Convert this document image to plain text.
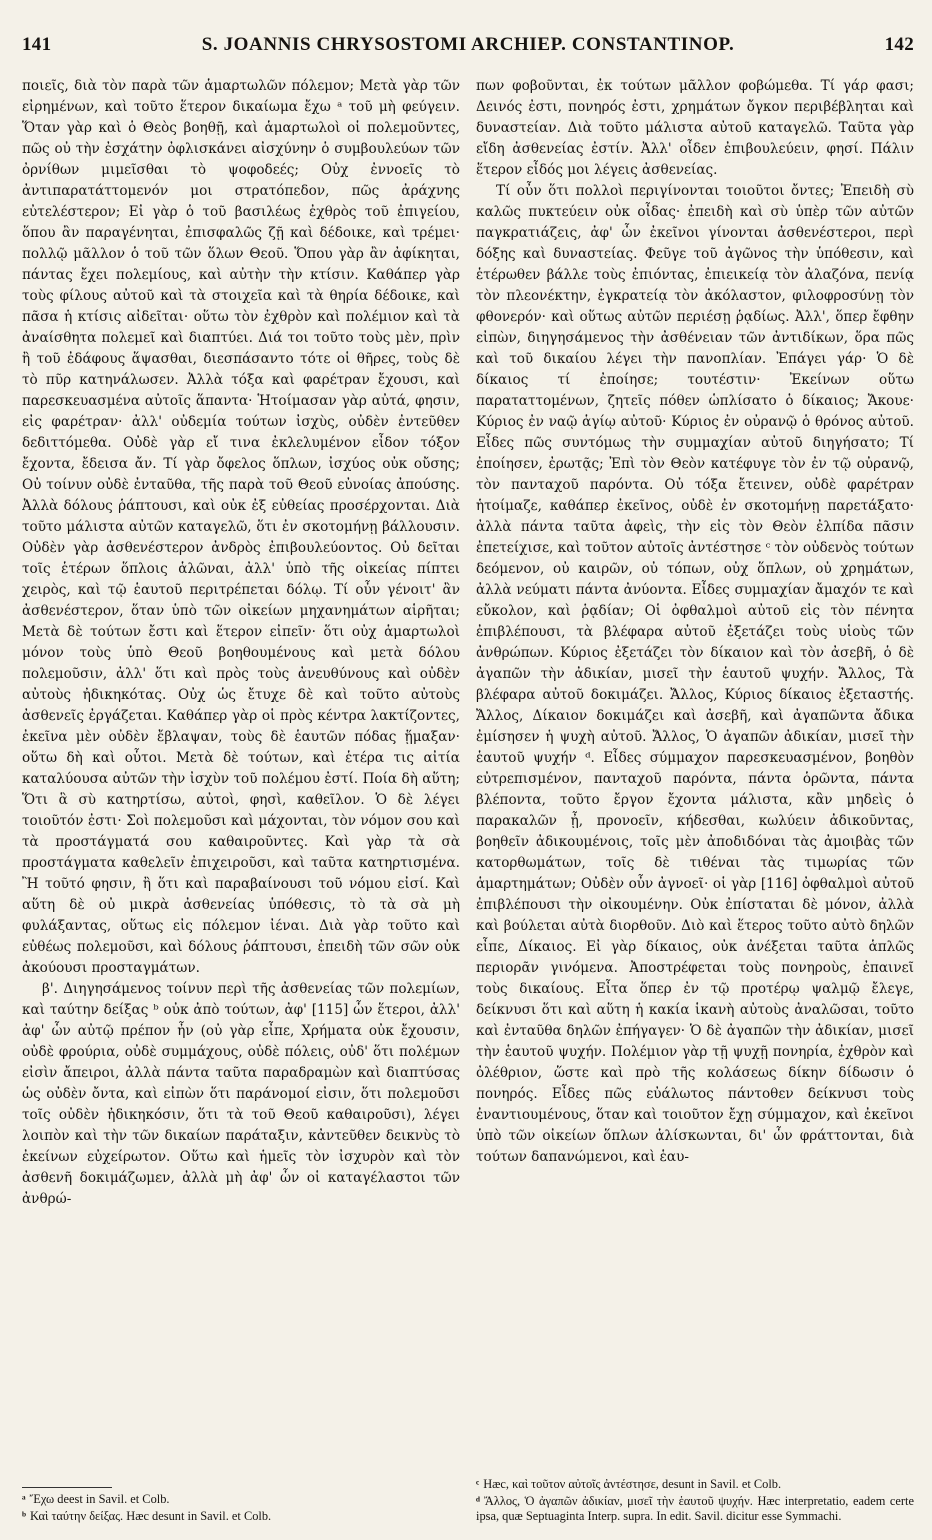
141	S. JOANNIS CHRYSOSTOMI ARCHIEP. CONSTANTINOP.	142

ποιεῖς, διὰ τὸν παρὰ τῶν ἁμαρτωλῶν πόλεμον; Μετὰ γὰρ τῶν εἰρημένων, καὶ τοῦτο ἕτερον δικαίωμα ἔχω ᵃ τοῦ μὴ φεύγειν. Ὅταν γὰρ καὶ ὁ Θεὸς βοηθῇ, καὶ ἁμαρτωλοὶ οἱ πολεμοῦντες, πῶς οὐ τὴν ἐσχάτην ὀφλισκάνει αἰσχύνην ὁ συμβουλεύων τῶν ὀρνίθων μιμεῖσθαι τὸ ψοφοδεές; Οὐχ ἐννοεῖς τὸ ἀντιπαρατάττομενόν μοι στρατόπεδον, πῶς ἀράχνης εὐτελέστερον; Εἰ γὰρ ὁ τοῦ βασιλέως ἐχθρὸς τοῦ ἐπιγείου, ὅπου ἂν παραγένηται, ἐπισφαλῶς ζῇ καὶ δέδοικε, καὶ τρέμει· πολλῷ μᾶλλον ὁ τοῦ τῶν ὅλων Θεοῦ. Ὅπου γὰρ ἂν ἀφίκηται, πάντας ἔχει πολεμίους, καὶ αὐτὴν τὴν κτίσιν. Καθάπερ γὰρ τοὺς φίλους αὐτοῦ καὶ τὰ στοιχεῖα καὶ τὰ θηρία δέδοικε, καὶ πᾶσα ἡ κτίσις αἰδεῖται· οὕτω τὸν ἐχθρὸν καὶ πολέμιον καὶ τὰ ἀναίσθητα πολεμεῖ καὶ διαπτύει. Διά τοι τοῦτο τοὺς μὲν, πρὶν ἢ τοῦ ἐδάφους ἅψασθαι, διεσπάσαντο τότε οἱ θῆρες, τοὺς δὲ τὸ πῦρ κατηνάλωσεν. Ἀλλὰ τόξα καὶ φαρέτραν ἔχουσι, καὶ παρεσκευασμένα αὐτοῖς ἅπαντα· Ἡτοίμασαν γὰρ αὐτά, φησιν, εἰς φαρέτραν· ἀλλ' οὐδεμία τούτων ἰσχὺς, οὐδὲν ἐντεῦθεν δεδιττόμεθα. Οὐδὲ γὰρ εἴ τινα ἐκλελυμένον εἶδον τόξον ἔχοντα, ἔδεισα ἄν. Τί γὰρ ὄφελος ὅπλων, ἰσχύος οὐκ οὔσης; Οὐ τοίνυν οὐδὲ ἐνταῦθα, τῆς παρὰ τοῦ Θεοῦ εὐνοίας ἀπούσης. Ἀλλὰ δόλους ῥάπτουσι, καὶ οὐκ ἐξ εὐθείας προσέρχονται. Διὰ τοῦτο μάλιστα αὐτῶν καταγελῶ, ὅτι ἐν σκοτομήνῃ βάλλουσιν. Οὐδὲν γὰρ ἀσθενέστερον ἀνδρὸς ἐπιβουλεύοντος. Οὐ δεῖται τοῖς ἑτέρων ὅπλοις ἁλῶναι, ἀλλ' ὑπὸ τῆς οἰκείας πίπτει χειρὸς, καὶ τῷ ἑαυτοῦ περιτρέπεται δόλῳ. Τί οὖν γένοιτ' ἂν ἀσθενέστερον, ὅταν ὑπὸ τῶν οἰκείων μηχανημάτων αἱρῆται; Μετὰ δὲ τούτων ἔστι καὶ ἕτερον εἰπεῖν· ὅτι οὐχ ἁμαρτωλοὶ μόνον τοὺς ὑπὸ Θεοῦ βοηθουμένους καὶ μετὰ δόλου πολεμοῦσιν, ἀλλ' ὅτι καὶ πρὸς τοὺς ἀνευθύνους καὶ οὐδὲν αὐτοὺς ἠδικηκότας. Οὐχ ὡς ἔτυχε δὲ καὶ τοῦτο αὐτοὺς ἀσθενεῖς ἐργάζεται. Καθάπερ γὰρ οἱ πρὸς κέντρα λακτίζοντες, ἐκεῖνα μὲν οὐδὲν ἔβλαψαν, τοὺς δὲ ἑαυτῶν πόδας ᾕμαξαν· οὕτω δὴ καὶ οὗτοι. Μετὰ δὲ τούτων, καὶ ἑτέρα τις αἰτία καταλύουσα αὐτῶν τὴν ἰσχὺν τοῦ πολέμου ἐστί. Ποία δὴ αὕτη; Ὅτι ἃ σὺ κατηρτίσω, αὐτοὶ, φησὶ, καθεῖλον. Ὁ δὲ λέγει τοιοῦτόν ἐστι· Σοὶ πολεμοῦσι καὶ μάχονται, τὸν νόμον σου καὶ τὰ προστάγματά σου καθαιροῦντες. Καὶ γὰρ τὰ σὰ προστάγματα καθελεῖν ἐπιχειροῦσι, καὶ ταῦτα κατηρτισμένα. Ἢ τοῦτό φησιν, ἢ ὅτι καὶ παραβαίνουσι τοῦ νόμου εἰσί. Καὶ αὕτη δὲ οὐ μικρὰ ἀσθενείας ὑπόθεσις, τὸ τὰ σὰ μὴ φυλάξαντας, οὕτως εἰς πόλεμον ἰέναι. Διὰ γὰρ τοῦτο καὶ εὐθέως πολεμοῦσι, καὶ δόλους ῥάπτουσι, ἐπειδὴ τῶν σῶν οὐκ ἀκούουσι προσταγμάτων.

β'. Διηγησάμενος τοίνυν περὶ τῆς ἀσθενείας τῶν πολεμίων, καὶ ταύτην δείξας ᵇ οὐκ ἀπὸ τούτων, ἀφ' [115] ὧν ἕτεροι, ἀλλ' ἀφ' ὧν αὐτῷ πρέπον ἦν (οὐ γὰρ εἶπε, Χρήματα οὐκ ἔχουσιν, οὐδὲ φρούρια, οὐδὲ συμμάχους, οὐδὲ πόλεις, οὐδ' ὅτι πολέμων εἰσὶν ἄπειροι, ἀλλὰ πάντα ταῦτα παραδραμὼν καὶ διαπτύσας ὡς οὐδὲν ὄντα, καὶ εἰπὼν ὅτι παράνομοί εἰσιν, ὅτι πολεμοῦσι τοῖς οὐδὲν ἠδικηκόσιν, ὅτι τὰ τοῦ Θεοῦ καθαιροῦσι), λέγει λοιπὸν καὶ τὴν τῶν δικαίων παράταξιν, κἀντεῦθεν δεικνὺς τὸ ἐκείνων εὐχείρωτον. Οὕτω καὶ ἡμεῖς τὸν ἰσχυρὸν καὶ τὸν ἀσθενῆ δοκιμάζωμεν, ἀλλὰ μὴ ἀφ' ὧν οἱ καταγέλαστοι τῶν ἀνθρώ-

ᵃ Ἔχω deest in Savil. et Colb.
ᵇ Καὶ ταύτην δείξας. Hæc desunt in Savil. et Colb.

πων φοβοῦνται, ἐκ τούτων μᾶλλον φοβώμεθα. Τί γάρ φασι; Δεινός ἐστι, πονηρός ἐστι, χρημάτων ὄγκον περιβέβληται καὶ δυναστείαν. Διὰ τοῦτο μάλιστα αὐτοῦ καταγελῶ. Ταῦτα γὰρ εἴδη ἀσθενείας ἐστίν. Ἀλλ' οἶδεν ἐπιβουλεύειν, φησί. Πάλιν ἕτερον εἶδός μοι λέγεις ἀσθενείας.

Τί οὖν ὅτι πολλοὶ περιγίνονται τοιοῦτοι ὄντες; Ἐπειδὴ σὺ καλῶς πυκτεύειν οὐκ οἶδας· ἐπειδὴ καὶ σὺ ὑπὲρ τῶν αὐτῶν παγκρατιάζεις, ἀφ' ὧν ἐκεῖνοι γίνονται ἀσθενέστεροι, περὶ δόξης καὶ δυναστείας. Φεῦγε τοῦ ἀγῶνος τὴν ὑπόθεσιν, καὶ ἑτέρωθεν βάλλε τοὺς ἐπιόντας, ἐπιεικείᾳ τὸν ἀλαζόνα, πενίᾳ τὸν πλεονέκτην, ἐγκρατείᾳ τὸν ἀκόλαστον, φιλοφροσύνῃ τὸν φθονερόν· καὶ οὕτως αὐτῶν περιέσῃ ῥᾳδίως. Ἀλλ', ὅπερ ἔφθην εἰπὼν, διηγησάμενος τὴν ἀσθένειαν τῶν ἀντιδίκων, ὅρα πῶς καὶ τοῦ δικαίου λέγει τὴν πανοπλίαν. Ἐπάγει γάρ· Ὁ δὲ δίκαιος τί ἐποίησε; τουτέστιν· Ἐκείνων οὕτω παραταττομένων, ζητεῖς πόθεν ὡπλίσατο ὁ δίκαιος; Ἄκουε· Κύριος ἐν ναῷ ἁγίῳ αὐτοῦ· Κύριος ἐν οὐρανῷ ὁ θρόνος αὐτοῦ. Εἶδες πῶς συντόμως τὴν συμμαχίαν αὐτοῦ διηγήσατο; Τί ἐποίησεν, ἐρωτᾷς; Ἐπὶ τὸν Θεὸν κατέφυγε τὸν ἐν τῷ οὐρανῷ, τὸν πανταχοῦ παρόντα. Οὐ τόξα ἔτεινεν, οὐδὲ φαρέτραν ἡτοίμαζε, καθάπερ ἐκεῖνος, οὐδὲ ἐν σκοτομήνῃ παρετάξατο· ἀλλὰ πάντα ταῦτα ἀφεὶς, τὴν εἰς τὸν Θεὸν ἐλπίδα πᾶσιν ἐπετείχισε, καὶ τοῦτον αὐτοῖς ἀντέστησε ᶜ τὸν οὐδενὸς τούτων δεόμενον, οὐ καιρῶν, οὐ τόπων, οὐχ ὅπλων, οὐ χρημάτων, ἀλλὰ νεύματι πάντα ἀνύοντα. Εἶδες συμμαχίαν ἄμαχόν τε καὶ εὔκολον, καὶ ῥᾳδίαν; Οἱ ὀφθαλμοὶ αὐτοῦ εἰς τὸν πένητα ἐπιβλέπουσι, τὰ βλέφαρα αὐτοῦ ἐξετάζει τοὺς υἱοὺς τῶν ἀνθρώπων. Κύριος ἐξετάζει τὸν δίκαιον καὶ τὸν ἀσεβῆ, ὁ δὲ ἀγαπῶν τὴν ἀδικίαν, μισεῖ τὴν ἑαυτοῦ ψυχήν. Ἄλλος, Τὰ βλέφαρα αὐτοῦ δοκιμάζει. Ἄλλος, Κύριος δίκαιος ἐξεταστής. Ἄλλος, Δίκαιον δοκιμάζει καὶ ἀσεβῆ, καὶ ἀγαπῶντα ἄδικα ἐμίσησεν ἡ ψυχὴ αὐτοῦ. Ἄλλος, Ὁ ἀγαπῶν ἀδικίαν, μισεῖ τὴν ἑαυτοῦ ψυχήν ᵈ. Εἶδες σύμμαχον παρεσκευασμένον, βοηθὸν εὐτρεπισμένον, πανταχοῦ παρόντα, πάντα ὁρῶντα, πάντα βλέποντα, τοῦτο ἔργον ἔχοντα μάλιστα, κἂν μηδεὶς ὁ παρακαλῶν ᾖ, προνοεῖν, κήδεσθαι, κωλύειν ἀδικοῦντας, βοηθεῖν ἀδικουμένοις, τοῖς μὲν ἀποδιδόναι τὰς ἀμοιβὰς τῶν κατορθωμάτων, τοῖς δὲ τιθέναι τὰς τιμωρίας τῶν ἁμαρτημάτων; Οὐδὲν οὖν ἀγνοεῖ· οἱ γὰρ [116] ὀφθαλμοὶ αὐτοῦ ἐπιβλέπουσι τὴν οἰκουμένην. Οὐκ ἐπίσταται δὲ μόνον, ἀλλὰ καὶ βούλεται αὐτὰ διορθοῦν. Διὸ καὶ ἕτερος τοῦτο αὐτὸ δηλῶν εἶπε, Δίκαιος. Εἰ γὰρ δίκαιος, οὐκ ἀνέξεται ταῦτα ἁπλῶς περιορᾶν γινόμενα. Ἀποστρέφεται τοὺς πονηροὺς, ἐπαινεῖ τοὺς δικαίους. Εἶτα ὅπερ ἐν τῷ προτέρῳ ψαλμῷ ἔλεγε, δείκνυσι ὅτι καὶ αὕτη ἡ κακία ἱκανὴ αὐτοὺς ἀναλῶσαι, τοῦτο καὶ ἐνταῦθα δηλῶν ἐπήγαγεν· Ὁ δὲ ἀγαπῶν τὴν ἀδικίαν, μισεῖ τὴν ἑαυτοῦ ψυχήν. Πολέμιον γὰρ τῇ ψυχῇ πονηρία, ἐχθρὸν καὶ ὀλέθριον, ὥστε καὶ πρὸ τῆς κολάσεως δίκην δίδωσιν ὁ πονηρός. Εἶδες πῶς εὐάλωτος πάντοθεν δείκνυσι τοὺς ἐναντιουμένους, ὅταν καὶ τοιοῦτον ἔχῃ σύμμαχον, καὶ ἐκεῖνοι ὑπὸ τῶν οἰκείων ὅπλων ἁλίσκωνται, δι' ὧν φράττονται, διὰ τούτων δαπανώμενοι, καὶ ἑαυ-

ᶜ Hæc, καὶ τοῦτον αὐτοῖς ἀντέστησε, desunt in Savil. et Colb.
ᵈ Ἄλλος, Ὁ ἀγαπῶν ἀδικίαν, μισεῖ τὴν ἑαυτοῦ ψυχήν. Hæc interpretatio, eadem certe ipsa, quæ Septuaginta Interp. supra. In edit. Savil. dicitur esse Symmachi.
